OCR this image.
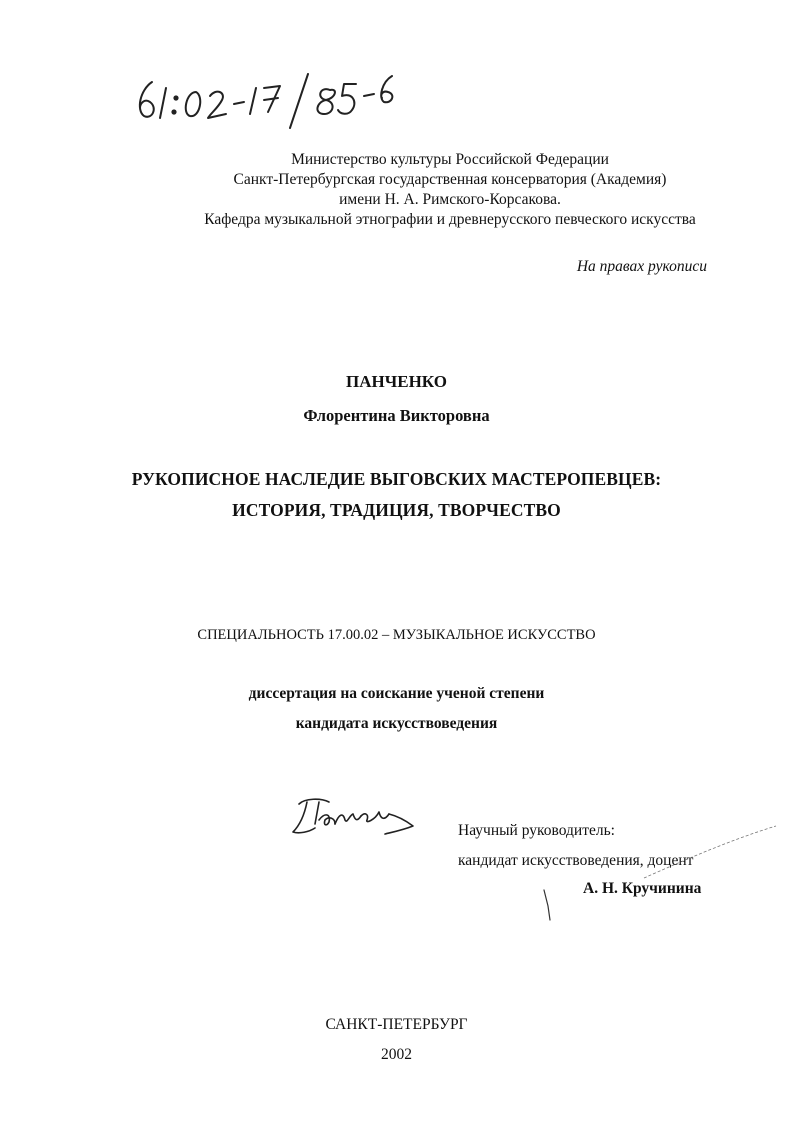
Министерство культуры Российской Федерации
Санкт-Петербургская государственная консерватория (Академия)
имени Н. А. Римского-Корсакова.
Кафедра музыкальной этнографии и древнерусского певческого искусства
На правах рукописи
ПАНЧЕНКО
Флорентина Викторовна
РУКОПИСНОЕ НАСЛЕДИЕ ВЫГОВСКИХ МАСТЕРОПЕВЦЕВ:
ИСТОРИЯ, ТРАДИЦИЯ, ТВОРЧЕСТВО
СПЕЦИАЛЬНОСТЬ 17.00.02 – МУЗЫКАЛЬНОЕ ИСКУССТВО
диссертация на соискание ученой степени
кандидата искусствоведения
Научный руководитель:
кандидат искусствоведения, доцент
А. Н. Кручинина
САНКТ-ПЕТЕРБУРГ
2002
